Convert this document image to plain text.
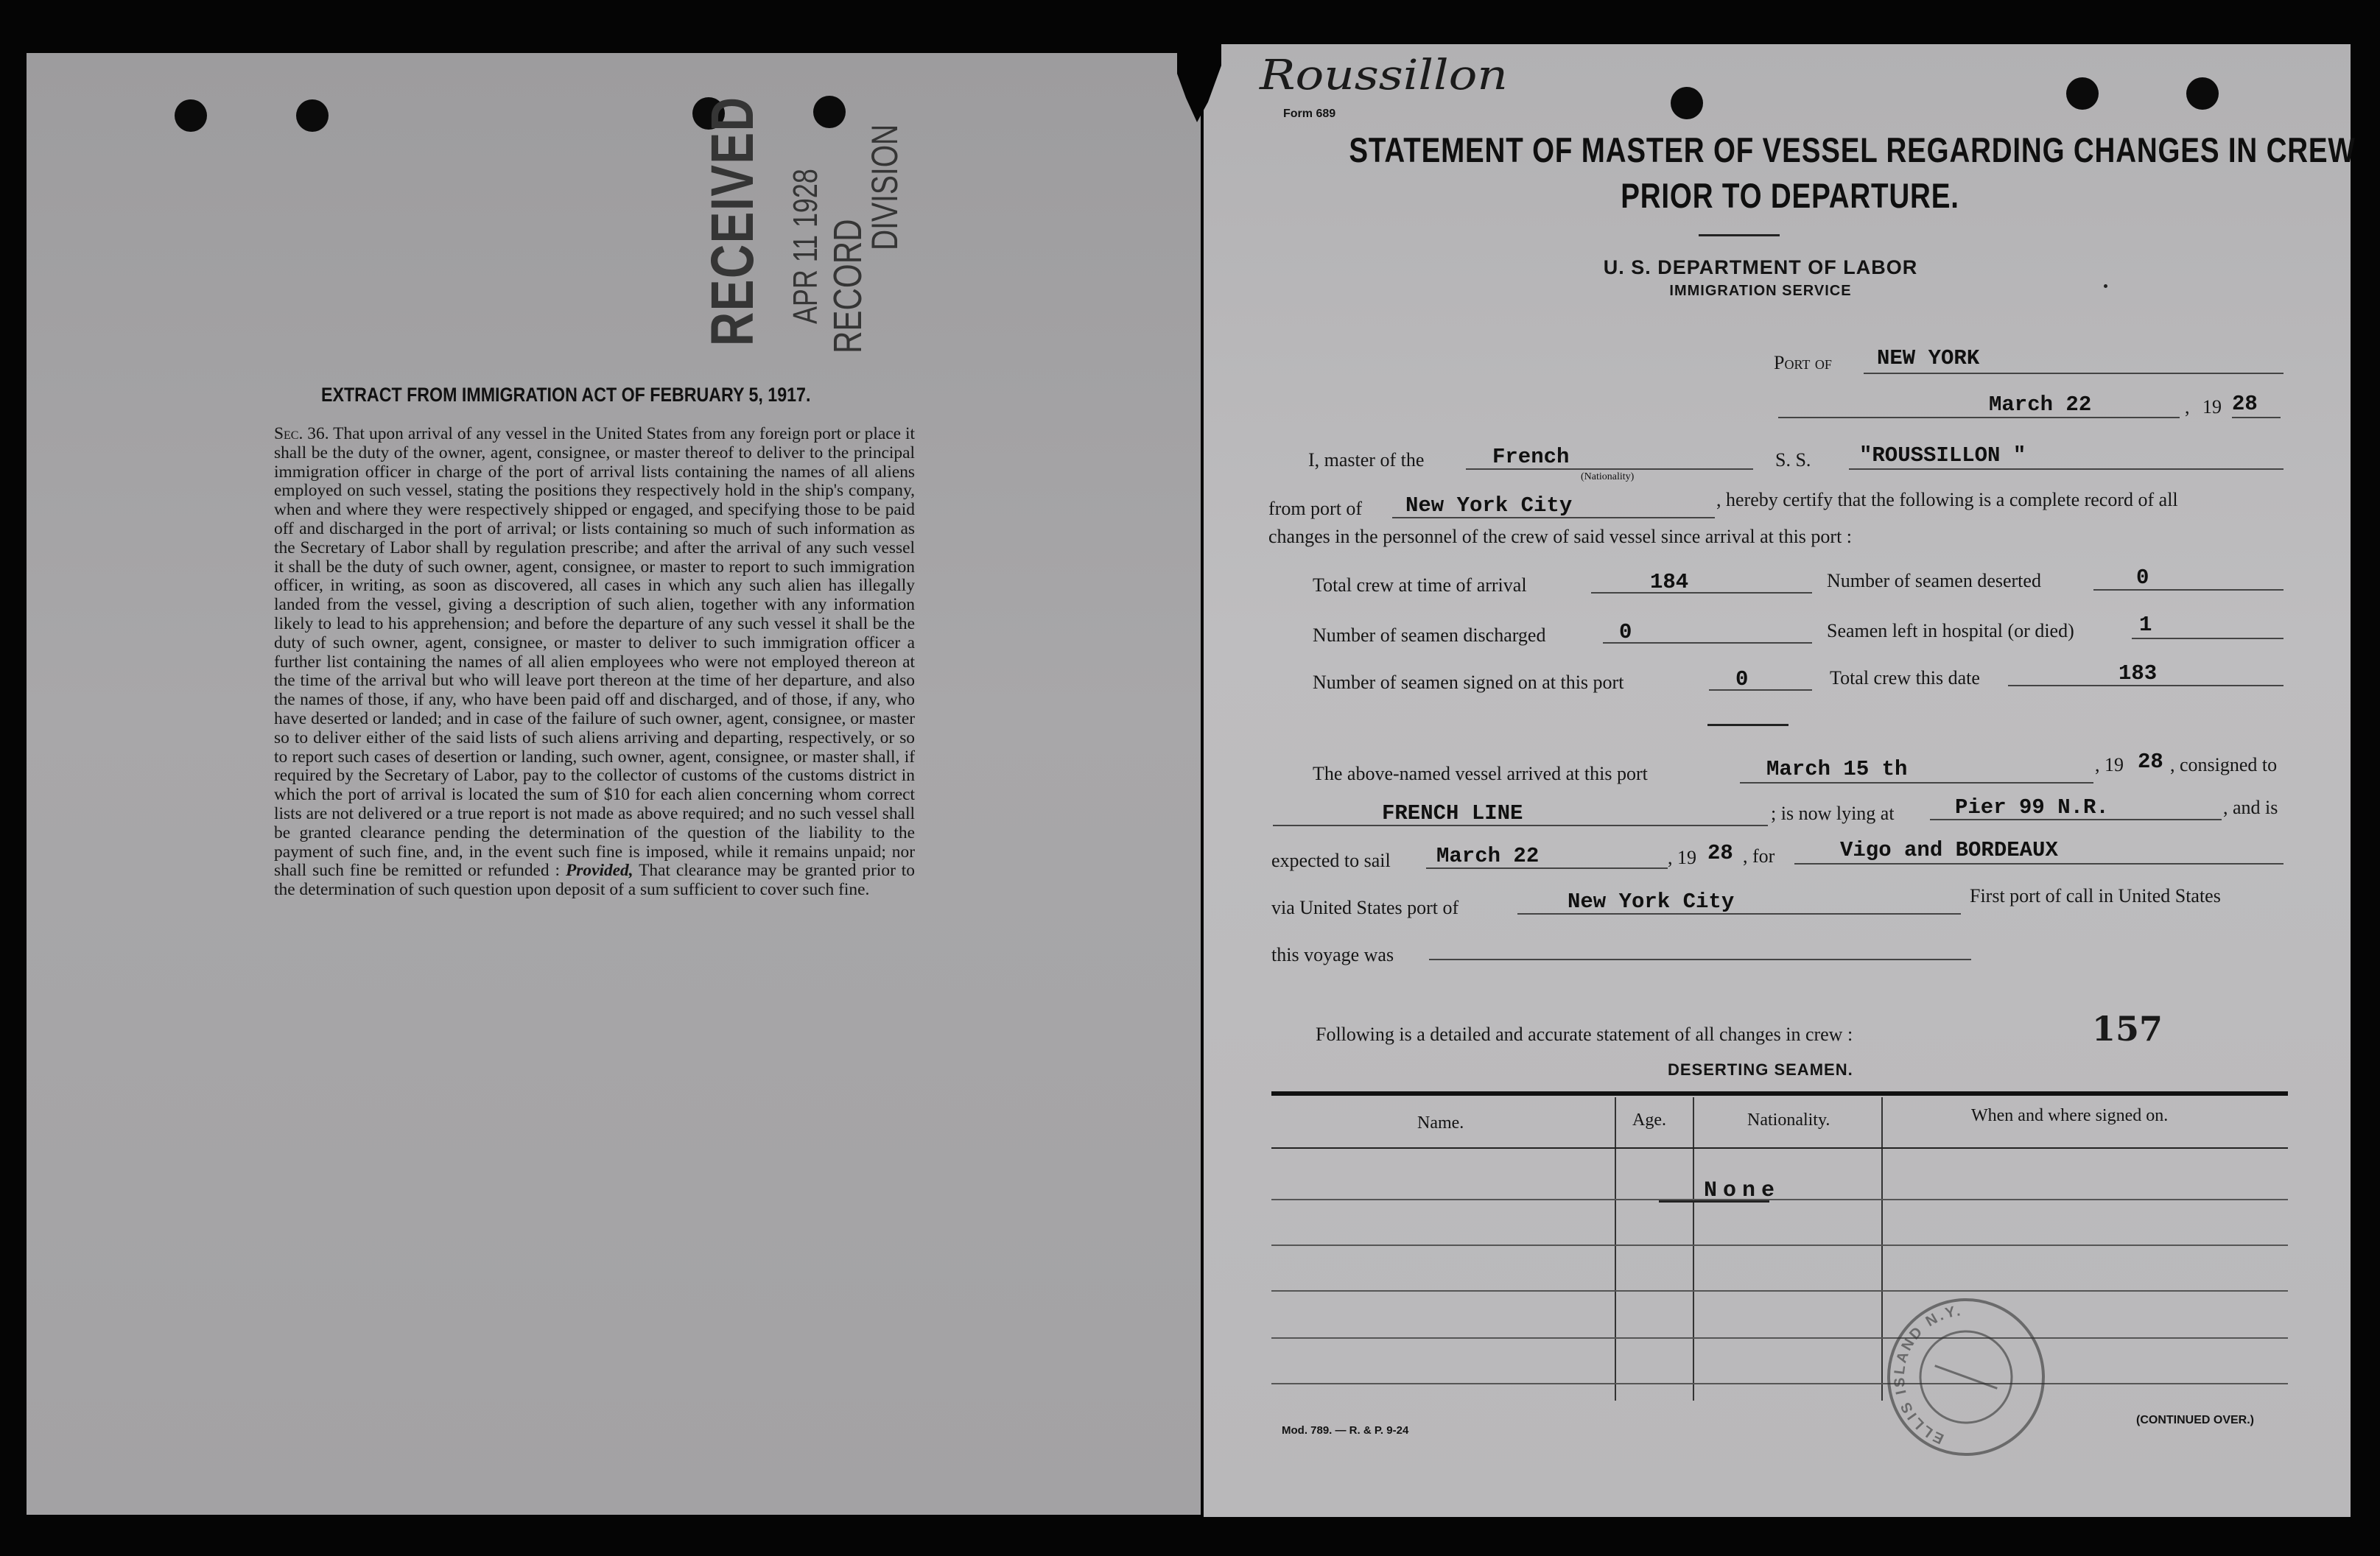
RECEIVED APR 11 1928 RECORD
DIVISION
EXTRACT FROM IMMIGRATION ACT OF FEBRUARY 5, 1917.
Sec. 36. That upon arrival of any vessel in the United States from any foreign port or place it shall be the duty of the owner, agent, consignee, or master thereof to deliver to the principal immigration officer in charge of the port of arrival lists containing the names of all aliens employed on such vessel, stating the positions they respectively hold in the ship's company, when and where they were respectively shipped or engaged, and specifying those to be paid off and discharged in the port of arrival; or lists containing so much of such information as the Secretary of Labor shall by regulation prescribe; and after the arrival of any such vessel it shall be the duty of such owner, agent, consignee, or master to report to such immigration officer, in writing, as soon as discovered, all cases in which any such alien has illegally landed from the vessel, giving a description of such alien, together with any information likely to lead to his apprehension; and before the departure of any such vessel it shall be the duty of such owner, agent, consignee, or master to deliver to such immigration officer a further list containing the names of all alien employees who were not employed thereon at the time of the arrival but who will leave port thereon at the time of her departure, and also the names of those, if any, who have been paid off and discharged, and of those, if any, who have deserted or landed; and in case of the failure of such owner, agent, consignee, or master so to deliver either of the said lists of such aliens arriving and departing, respectively, or so to report such cases of desertion or landing, such owner, agent, consignee, or master shall, if required by the Secretary of Labor, pay to the collector of customs of the customs district in which the port of arrival is located the sum of $10 for each alien concerning whom correct lists are not delivered or a true report is not made as above required; and no such vessel shall be granted clearance pending the determination of the question of the liability to the payment of such fine, and, in the event such fine is imposed, while it remains unpaid; nor shall such fine be remitted or refunded : Provided, That clearance may be granted prior to the determination of such question upon deposit of a sum sufficient to cover such fine.
Roussillon
Form 689
STATEMENT OF MASTER OF VESSEL REGARDING CHANGES IN CREW
PRIOR TO DEPARTURE.
U. S. DEPARTMENT OF LABOR
IMMIGRATION SERVICE
Port of NEW YORK
March 22	, 19 28
I, master of the	French
(Nationality)
S. S. "ROUSSILLON "
from port of New York City	, hereby certify that the following is a complete record of all
changes in the personnel of the crew of said vessel since arrival at this port :
Total crew at time of arrival	184	Number of seamen deserted	0
Number of seamen discharged	0	Seamen left in hospital (or died)	1
Number of seamen signed on at this port	0	Total crew this date	183
The above-named vessel arrived at this port	March 15 th	, 19 28 , consigned to
FRENCH LINE	; is now lying at	Pier 99 N.R.	, and is
expected to sail March 22	, 19 28 , for	Vigo and BORDEAUX
via United States port of	New York City	First port of call in United States
this voyage was
Following is a detailed and accurate statement of all changes in crew :	157
DESERTING SEAMEN.
Name.	Age.	Nationality.	When and where signed on.
None
Mod. 789. — R. & P. 9-24
(CONTINUED OVER.)
ELLIS ISLAND N.Y.
